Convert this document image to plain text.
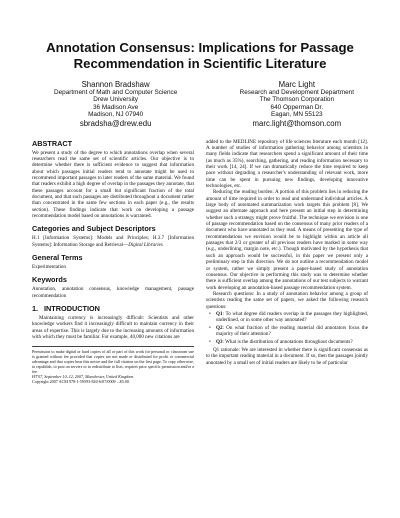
Annotation Consensus: Implications for Passage
Recommendation in Scientific Literature
Shannon Bradshaw
Department of Math and Computer Science
Drew University
36 Madison Ave
Madison, NJ 07940
sbradsha@drew.edu
Marc Light
Research and Development Department
The Thomson Corporation
640 Opperman Dr.
Eagan, MN 55123
marc.light@thomson.com
ABSTRACT

We present a study of the degree to which annotations overlap when several researchers read the same set of scientific articles. Our objective is to determine whether there is sufficient evidence to suggest that information about which passages initial readers tend to annotate might be used to recommend important passages to later readers of the same material. We found that readers exhibit a high degree of overlap in the passages they annotate, that these passages account for a small but significant fraction of the total document, and that such passages are distributed throughout a document rather than concentrated in the same few sections in each paper (e.g., the results section). These findings indicate that work on developing a passage recommendation model based on annotations is warranted.

Categories and Subject Descriptors

H.1 [Information Systems]: Models and Principles; H.3.7 [Information Systems]: Information Storage and Retrieval—Digital Libraries

General Terms

Experimentation

Keywords

Annotation, annotation consensus, knowledge management, passage recommendation

1. INTRODUCTION

Maintaining currency is increasingly difficult: Scientists and other knowledge workers find it increasingly difficult to maintain currency in their areas of expertise. This is largely due to the increasing amounts of information with which they must be familiar. For example, 40,000 new citations are

Permission to make digital or hard copies of all or part of this work for personal or classroom use is granted without fee provided that copies are not made or distributed for profit or commercial advantage and that copies bear this notice and the full citation on the first page. To copy otherwise, to republish, to post on servers or to redistribute to lists, requires prior specific permission and/or a fee.
HT'07, September 10–12, 2007, Manchester, United Kingdom.
Copyright 2007 ACM 978-1-59593-820-6/07/0009 ...$5.00.

added to the MEDLINE repository of life sciences literature each month [12]. A number of studies of information gathering behavior among scientists in many fields indicate that researchers spend a significant amount of their time (as much as 35%), searching, gathering, and reading information necessary to their work [14, 24]. If we can dramatically reduce the time required to keep pace without degrading a researcher's understanding of relevant work, more time can be spent in pursuing new findings, developing innovative technologies, etc.

Reducing the reading burden: A portion of this problem lies in reducing the amount of time required in order to read and understand individual articles. A large body of automated summarization work targets this problem [8]. We suggest an alternate approach and here present an initial step in determining whether such a strategy might prove fruitful. The technique we envision is one of passage recommendation based on the consensus of many prior readers of a document who have annotated as they read. A means of presenting the type of recommendations we envision would be to highlight within an article all passages that 2/3 or greater of all previous readers have marked in some way (e.g., underlining, margin note, etc.). Though motivated by the hypothesis that such an approach would be successful, in this paper we present only a preliminary step in this direction. We do not outline a recommendation model or system, rather we simply present a paper-based study of annotation consensus. Our objective in performing this study was to determine whether there is sufficient overlap among the annotations of our test subjects to warrant work developing an annotation-based passage recommendation system.

Research questions: In a study of annotation behavior among a group of scientists reading the same set of papers, we asked the following research questions:

• Q1: To what degree did readers overlap in the passages they highlighted, underlined, or in some other way annotated?
• Q2: On what fraction of the reading material did annotators focus the majority of their attention?
• Q3: What is the distribution of annotations throughout documents?

Q1 rationale: We are interested in whether there is significant consensus as to the important reading material in a document. If so, then the passages jointly annotated by a small set of initial readers are likely to be of particular
